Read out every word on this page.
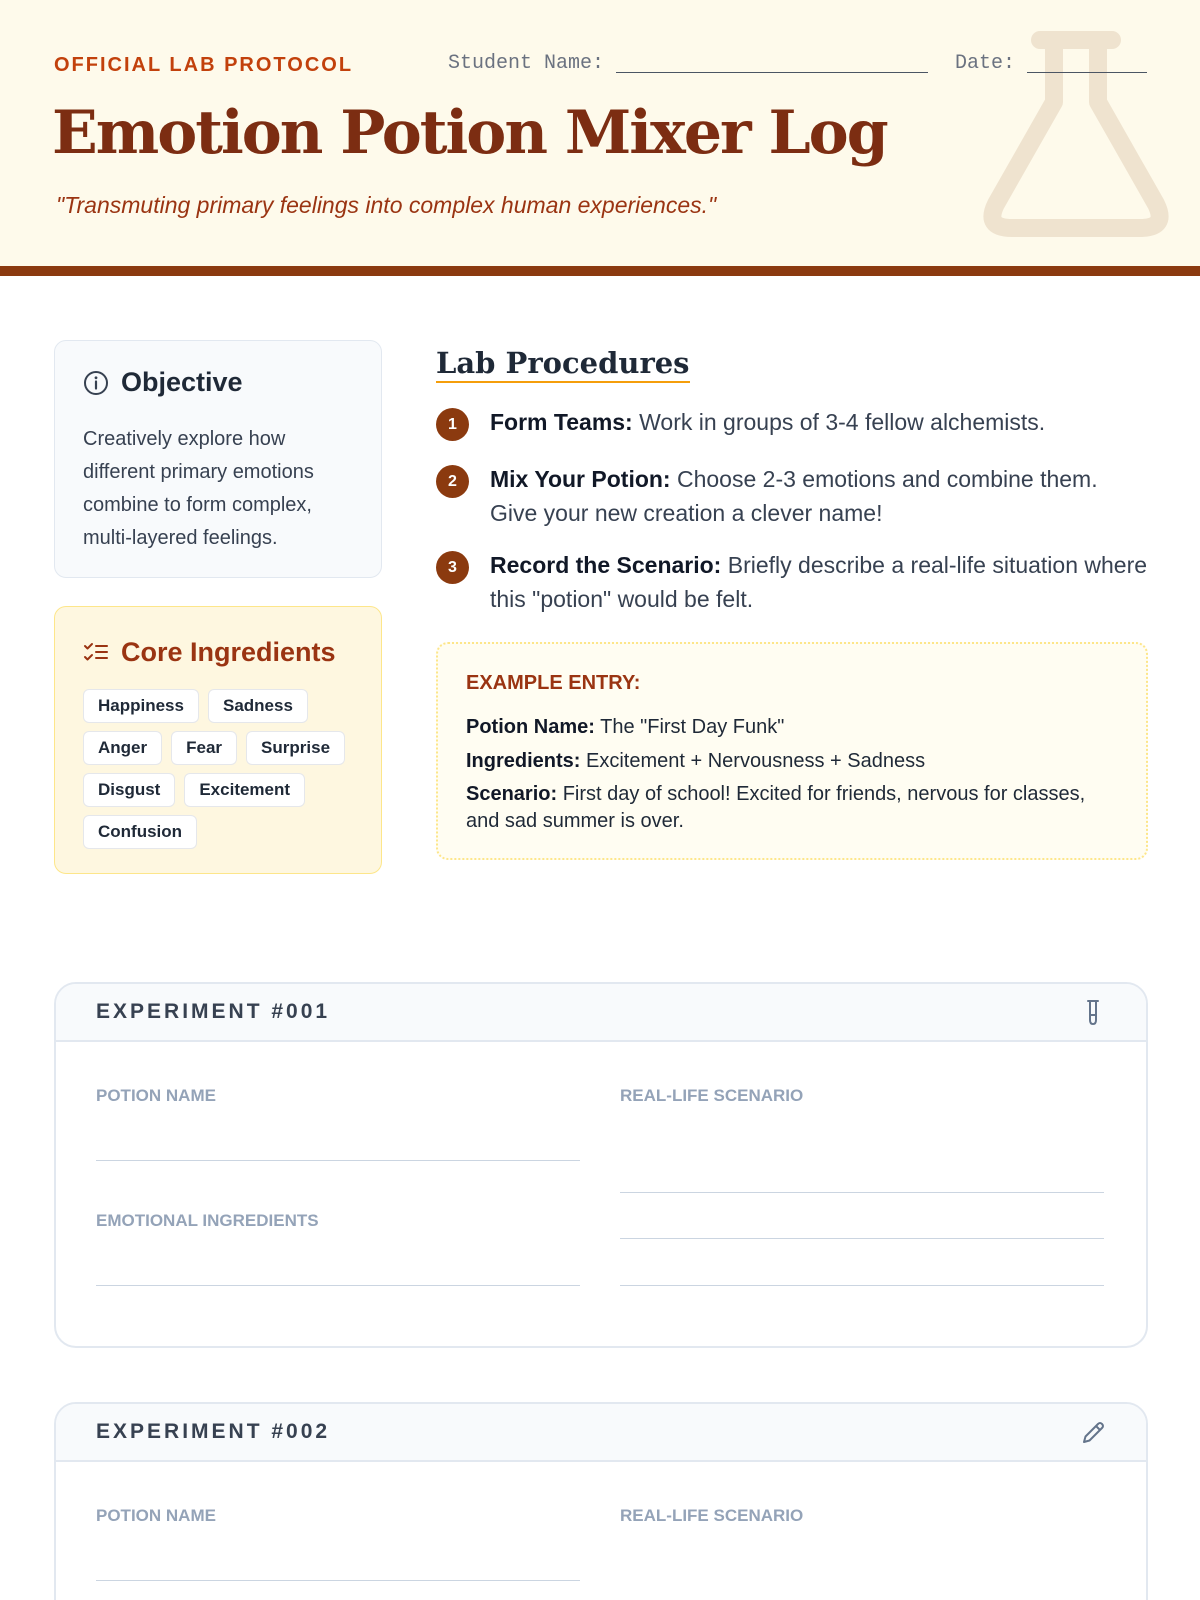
OFFICIAL LAB PROTOCOL	Student Name:	Date:
Emotion Potion Mixer Log
"Transmuting primary feelings into complex human experiences."
Objective

Creatively explore how different primary emotions combine to form complex, multi-layered feelings.

Core Ingredients
Happiness	Sadness
Anger	Fear	Surprise
Disgust	Excitement
Confusion
Lab Procedures
1	Form Teams: Work in groups of 3-4 fellow alchemists.
2	Mix Your Potion: Choose 2-3 emotions and combine them. Give your new creation a clever name!
3	Record the Scenario: Briefly describe a real-life situation where this "potion" would be felt.
EXAMPLE ENTRY:
Potion Name: The "First Day Funk"
Ingredients: Excitement + Nervousness + Sadness
Scenario: First day of school! Excited for friends, nervous for classes, and sad summer is over.
EXPERIMENT #001
POTION NAME
EMOTIONAL INGREDIENTS
REAL-LIFE SCENARIO
EXPERIMENT #002
POTION NAME	REAL-LIFE SCENARIO
